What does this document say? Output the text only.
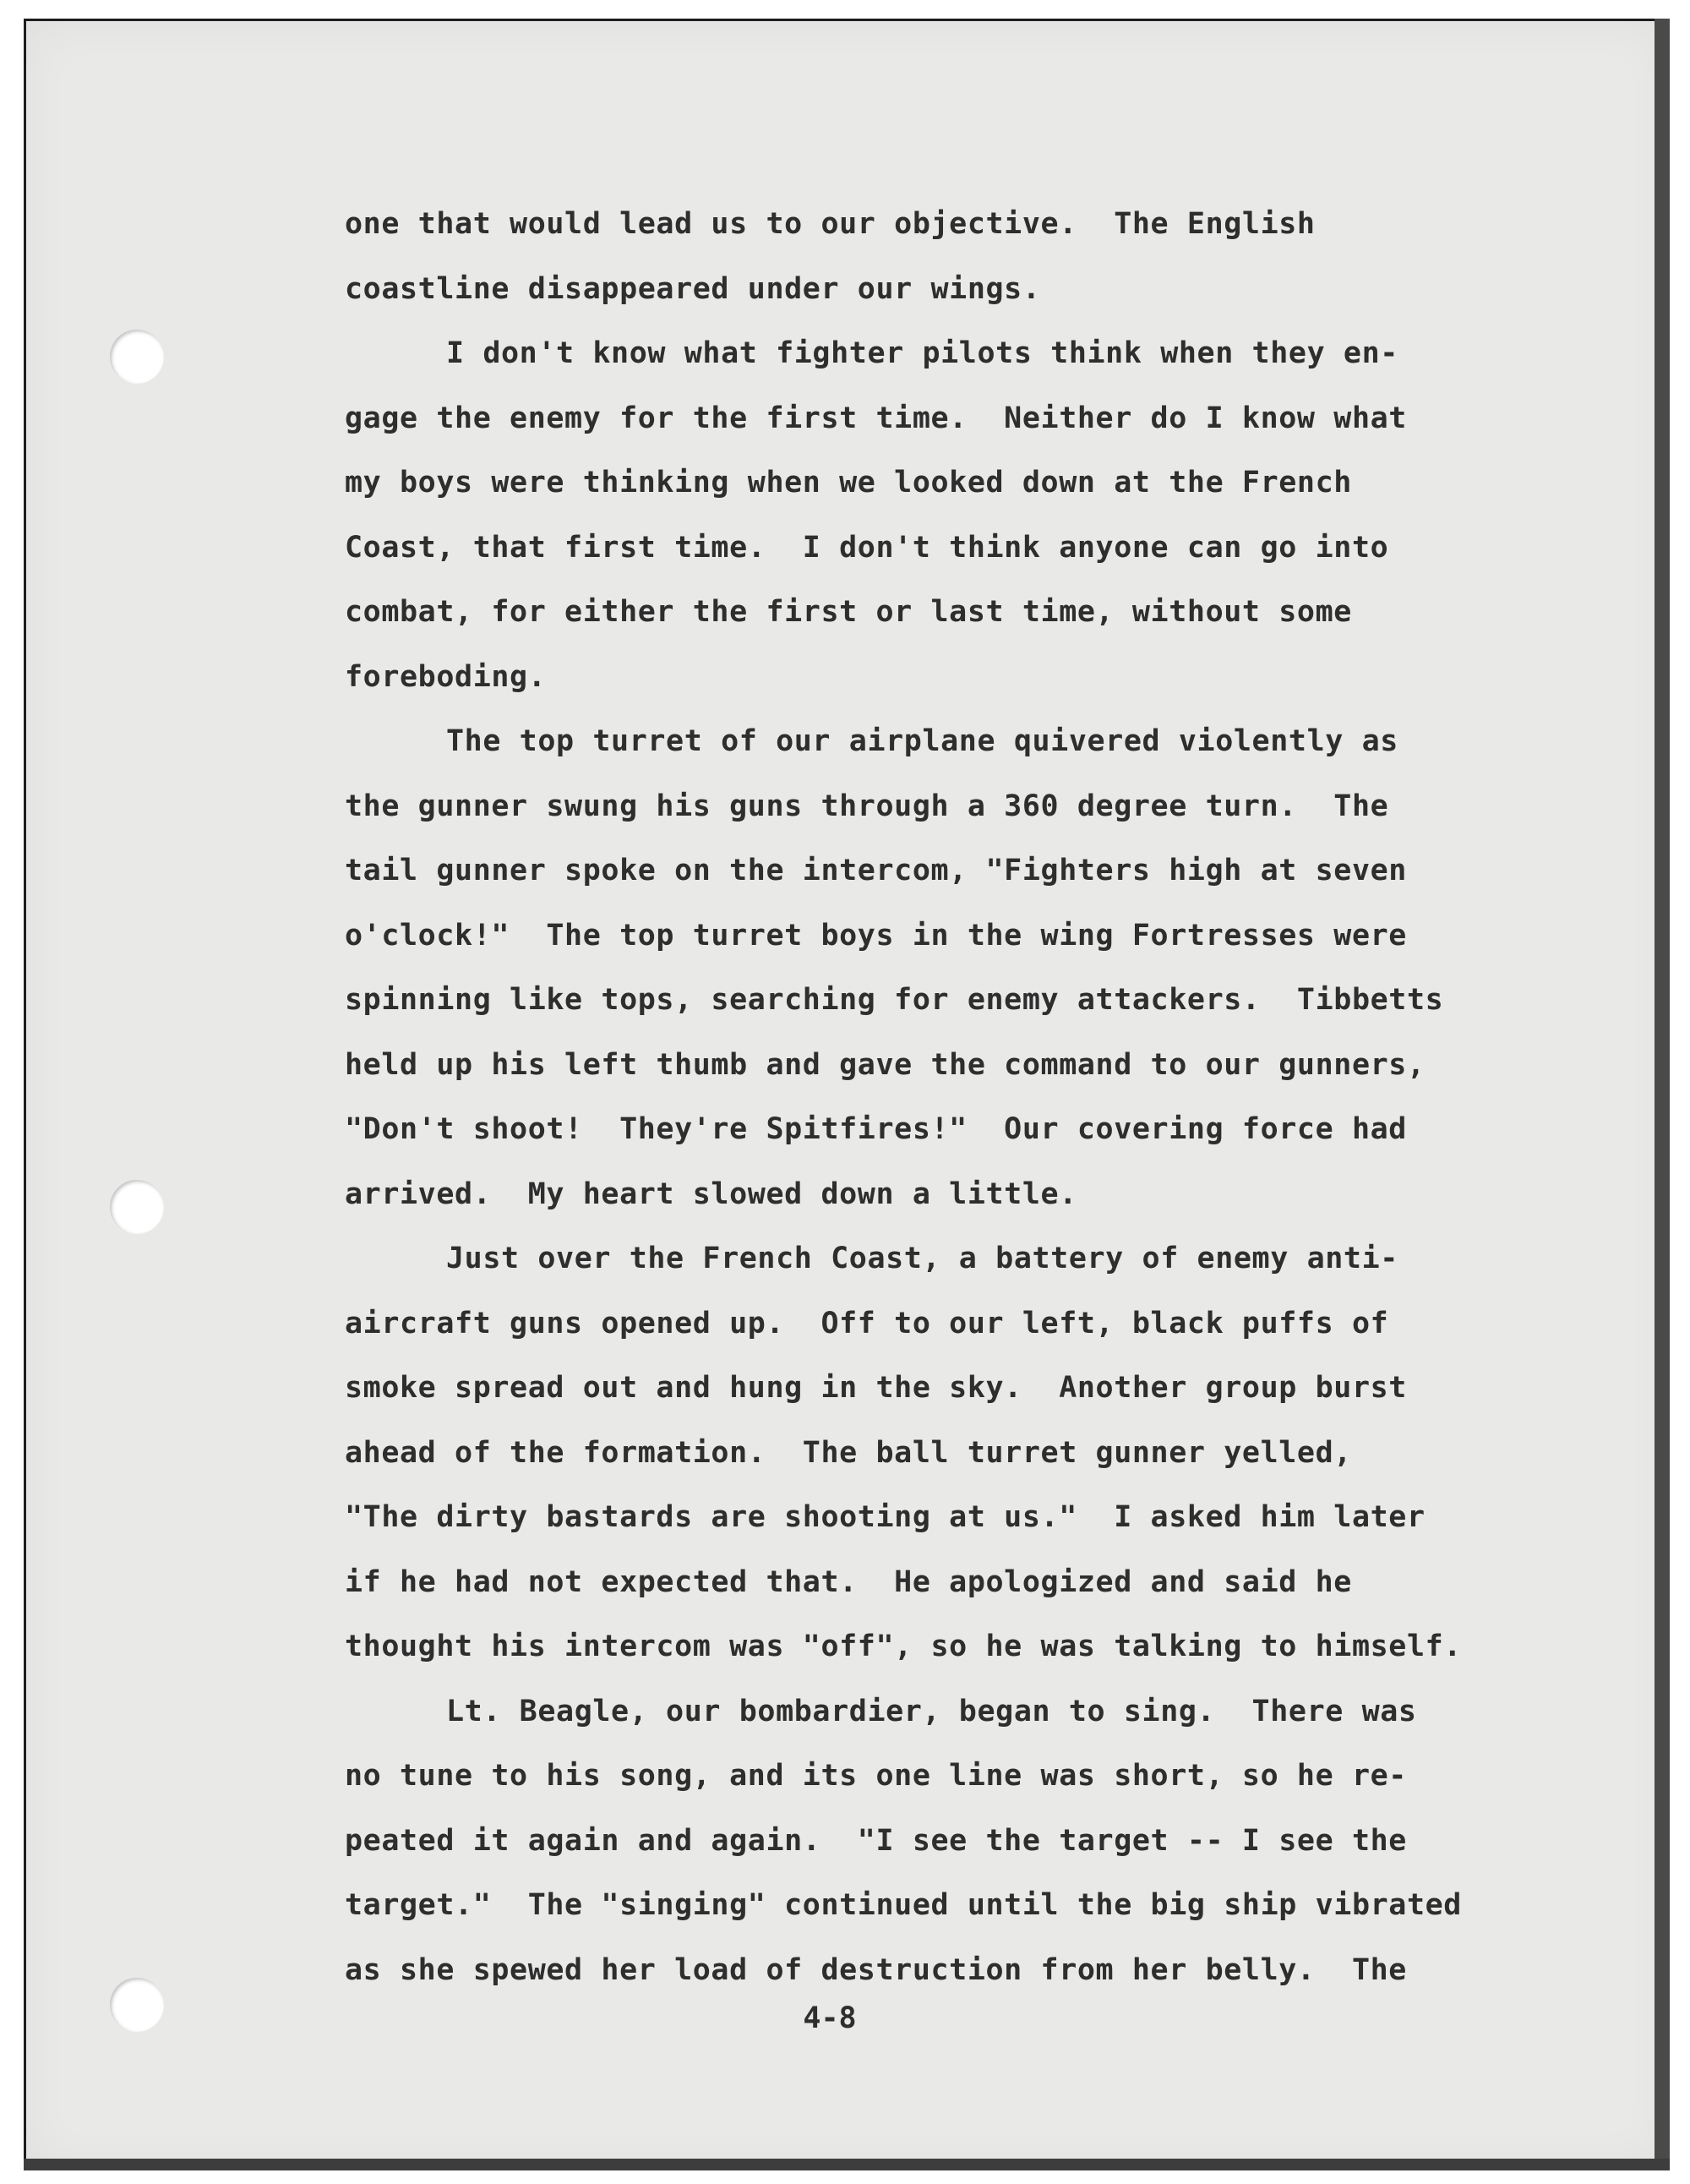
one that would lead us to our objective.  The English
coastline disappeared under our wings.
I don't know what fighter pilots think when they en-
gage the enemy for the first time.  Neither do I know what
my boys were thinking when we looked down at the French
Coast, that first time.  I don't think anyone can go into
combat, for either the first or last time, without some
foreboding.
The top turret of our airplane quivered violently as
the gunner swung his guns through a 360 degree turn.  The
tail gunner spoke on the intercom, "Fighters high at seven
o'clock!"  The top turret boys in the wing Fortresses were
spinning like tops, searching for enemy attackers.  Tibbetts
held up his left thumb and gave the command to our gunners,
"Don't shoot!  They're Spitfires!"  Our covering force had
arrived.  My heart slowed down a little.
Just over the French Coast, a battery of enemy anti-
aircraft guns opened up.  Off to our left, black puffs of
smoke spread out and hung in the sky.  Another group burst
ahead of the formation.  The ball turret gunner yelled,
"The dirty bastards are shooting at us."  I asked him later
if he had not expected that.  He apologized and said he
thought his intercom was "off", so he was talking to himself.
Lt. Beagle, our bombardier, began to sing.  There was
no tune to his song, and its one line was short, so he re-
peated it again and again.  "I see the target -- I see the
target."  The "singing" continued until the big ship vibrated
as she spewed her load of destruction from her belly.  The
4-8
